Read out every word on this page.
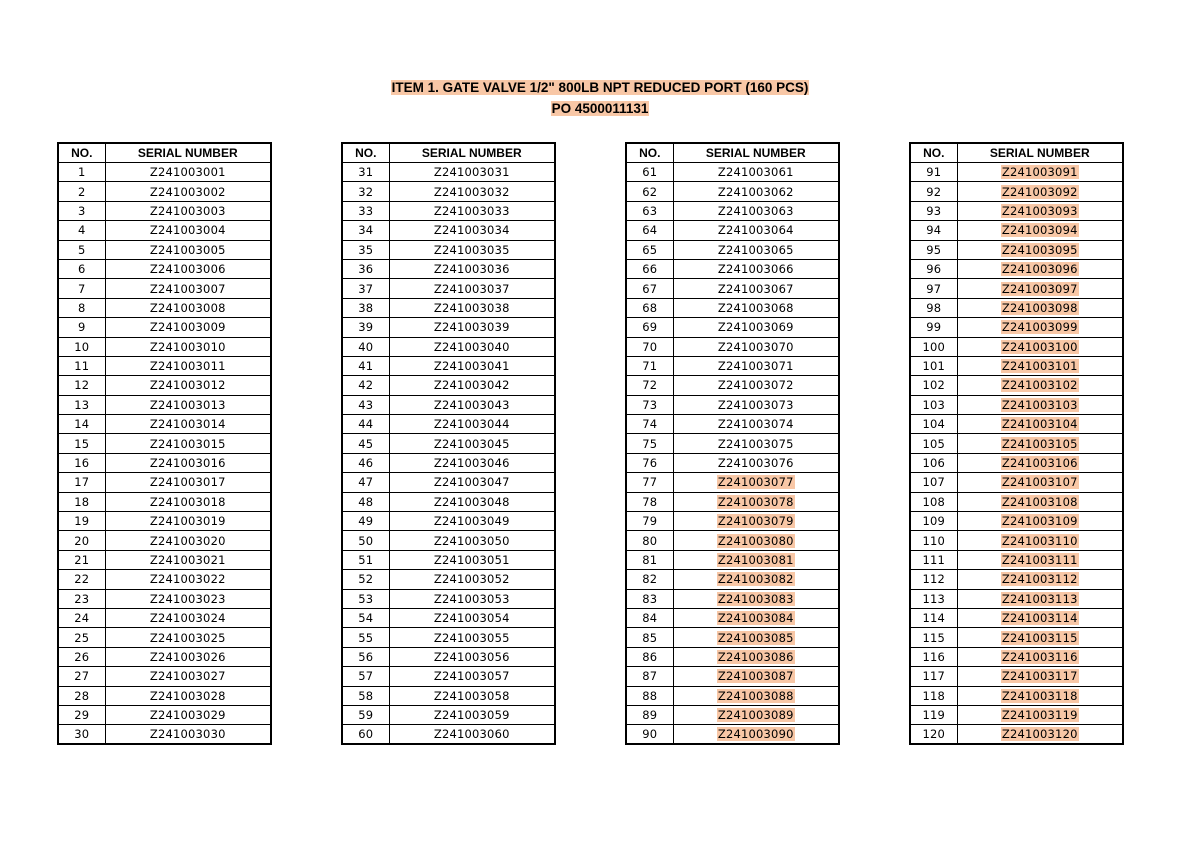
ITEM 1. GATE VALVE 1/2" 800LB NPT REDUCED PORT (160 PCS)
PO 4500011131
NO.	SERIAL NUMBER
1	Z241003001
2	Z241003002
3	Z241003003
4	Z241003004
5	Z241003005
6	Z241003006
7	Z241003007
8	Z241003008
9	Z241003009
10	Z241003010
11	Z241003011
12	Z241003012
13	Z241003013
14	Z241003014
15	Z241003015
16	Z241003016
17	Z241003017
18	Z241003018
19	Z241003019
20	Z241003020
21	Z241003021
22	Z241003022
23	Z241003023
24	Z241003024
25	Z241003025
26	Z241003026
27	Z241003027
28	Z241003028
29	Z241003029
30	Z241003030
NO.	SERIAL NUMBER
31	Z241003031
32	Z241003032
33	Z241003033
34	Z241003034
35	Z241003035
36	Z241003036
37	Z241003037
38	Z241003038
39	Z241003039
40	Z241003040
41	Z241003041
42	Z241003042
43	Z241003043
44	Z241003044
45	Z241003045
46	Z241003046
47	Z241003047
48	Z241003048
49	Z241003049
50	Z241003050
51	Z241003051
52	Z241003052
53	Z241003053
54	Z241003054
55	Z241003055
56	Z241003056
57	Z241003057
58	Z241003058
59	Z241003059
60	Z241003060
NO.	SERIAL NUMBER
61	Z241003061
62	Z241003062
63	Z241003063
64	Z241003064
65	Z241003065
66	Z241003066
67	Z241003067
68	Z241003068
69	Z241003069
70	Z241003070
71	Z241003071
72	Z241003072
73	Z241003073
74	Z241003074
75	Z241003075
76	Z241003076
77	Z241003077
78	Z241003078
79	Z241003079
80	Z241003080
81	Z241003081
82	Z241003082
83	Z241003083
84	Z241003084
85	Z241003085
86	Z241003086
87	Z241003087
88	Z241003088
89	Z241003089
90	Z241003090
NO.	SERIAL NUMBER
91	Z241003091
92	Z241003092
93	Z241003093
94	Z241003094
95	Z241003095
96	Z241003096
97	Z241003097
98	Z241003098
99	Z241003099
100	Z241003100
101	Z241003101
102	Z241003102
103	Z241003103
104	Z241003104
105	Z241003105
106	Z241003106
107	Z241003107
108	Z241003108
109	Z241003109
110	Z241003110
111	Z241003111
112	Z241003112
113	Z241003113
114	Z241003114
115	Z241003115
116	Z241003116
117	Z241003117
118	Z241003118
119	Z241003119
120	Z241003120
